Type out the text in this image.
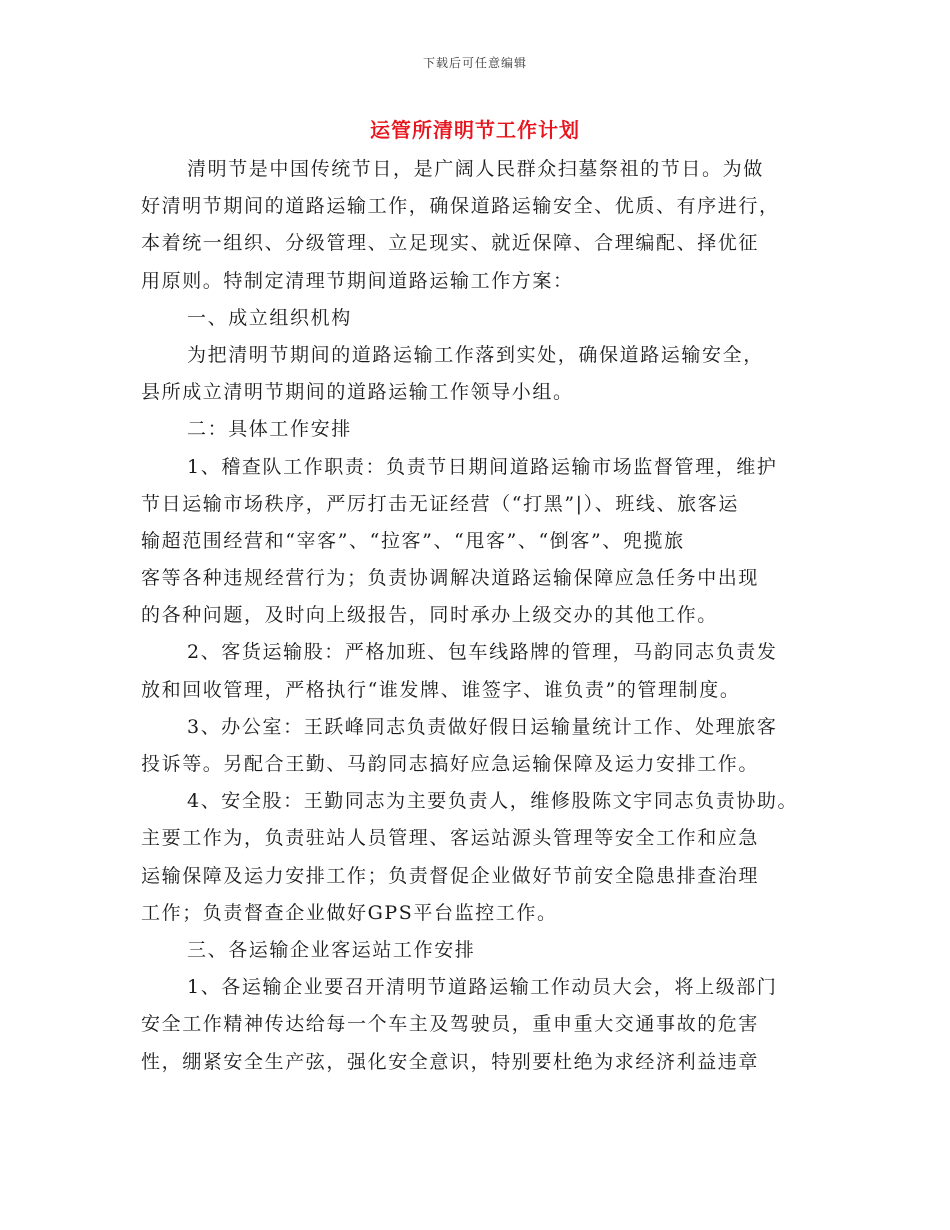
下载后可任意编辑
运管所清明节工作计划
清明节是中国传统节日，是广阔人民群众扫墓祭祖的节日。为做
好清明节期间的道路运输工作，确保道路运输安全、优质、有序进行，
本着统一组织、分级管理、立足现实、就近保障、合理编配、择优征
用原则。特制定清理节期间道路运输工作方案：
一、成立组织机构
为把清明节期间的道路运输工作落到实处，确保道路运输安全，
县所成立清明节期间的道路运输工作领导小组。
二：具体工作安排
1、稽查队工作职责：负责节日期间道路运输市场监督管理，维护
节日运输市场秩序，严厉打击无证经营（“打黑”|）、班线、旅客运
输超范围经营和“宰客”、“拉客”、“甩客”、“倒客”、兜揽旅
客等各种违规经营行为；负责协调解决道路运输保障应急任务中出现
的各种问题，及时向上级报告，同时承办上级交办的其他工作。
2、客货运输股：严格加班、包车线路牌的管理，马韵同志负责发
放和回收管理，严格执行“谁发牌、谁签字、谁负责”的管理制度。
3、办公室：王跃峰同志负责做好假日运输量统计工作、处理旅客
投诉等。另配合王勤、马韵同志搞好应急运输保障及运力安排工作。
4、安全股：王勤同志为主要负责人，维修股陈文宇同志负责协助。
主要工作为，负责驻站人员管理、客运站源头管理等安全工作和应急
运输保障及运力安排工作；负责督促企业做好节前安全隐患排查治理
工作；负责督查企业做好GPS平台监控工作。
三、各运输企业客运站工作安排
1、各运输企业要召开清明节道路运输工作动员大会，将上级部门
安全工作精神传达给每一个车主及驾驶员，重申重大交通事故的危害
性，绷紧安全生产弦，强化安全意识，特别要杜绝为求经济利益违章
